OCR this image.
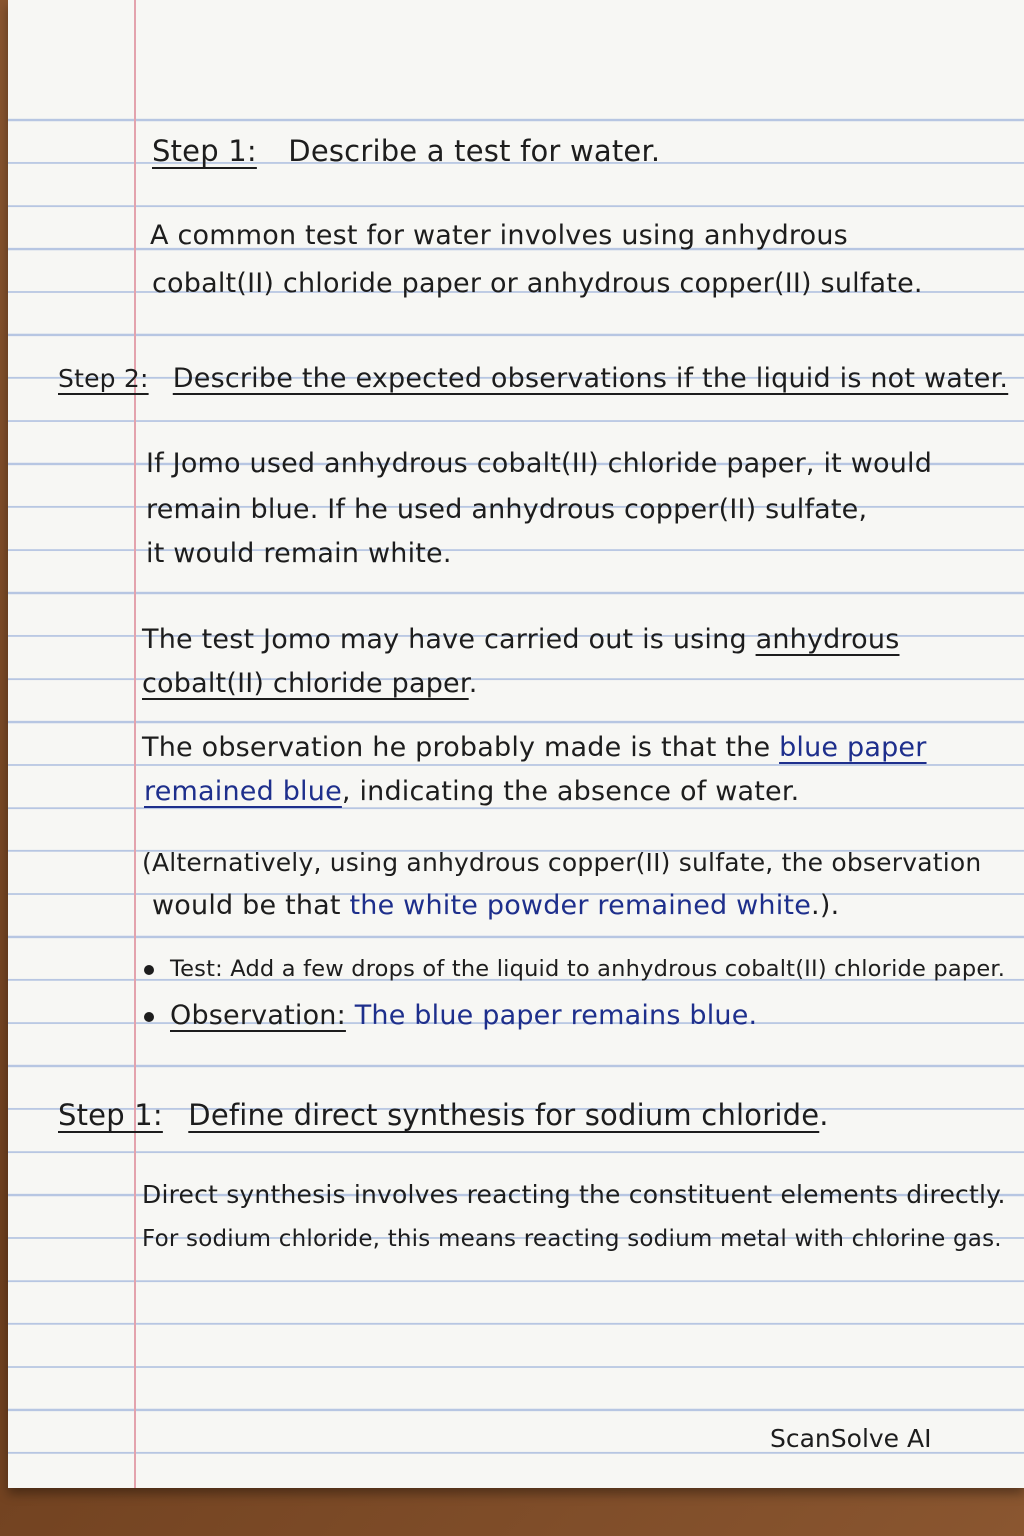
Step 1: Describe a test for water.
A common test for water involves using anhydrous
cobalt(II) chloride paper or anhydrous copper(II) sulfate.
Step 2: Describe the expected observations if the liquid is not water.
If Jomo used anhydrous cobalt(II) chloride paper, it would
remain blue. If he used anhydrous copper(II) sulfate,
it would remain white.
The test Jomo may have carried out is using anhydrous
cobalt(II) chloride paper.
The observation he probably made is that the blue paper
remained blue, indicating the absence of water.
(Alternatively, using anhydrous copper(II) sulfate, the observation
would be that the white powder remained white.).
Test: Add a few drops of the liquid to anhydrous cobalt(II) chloride paper.
Observation: The blue paper remains blue.
Step 1: Define direct synthesis for sodium chloride.
Direct synthesis involves reacting the constituent elements directly.
For sodium chloride, this means reacting sodium metal with chlorine gas.
ScanSolve AI
